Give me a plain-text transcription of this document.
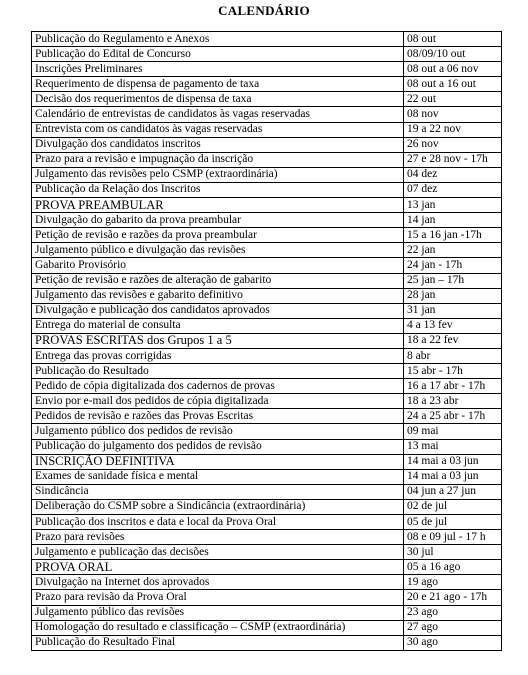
CALENDÁRIO
Publicação do Regulamento e Anexos	08 out
Publicação do Edital de Concurso	08/09/10 out
Inscrições Preliminares	08 out a 06 nov
Requerimento de dispensa de pagamento de taxa	08 out a 16 out
Decisão dos requerimentos de dispensa de taxa	22 out
Calendário de entrevistas de candidatos às vagas reservadas	08 nov
Entrevista com os candidatos às vagas reservadas	19 a 22 nov
Divulgação dos candidatos inscritos	26 nov
Prazo para a revisão e impugnação da inscrição	27 e 28 nov - 17h
Julgamento das revisões pelo CSMP (extraordinária)	04 dez
Publicação da Relação dos Inscritos	07 dez
PROVA PREAMBULAR	13 jan
Divulgação do gabarito da prova preambular	14 jan
Petição de revisão e razões da prova preambular	15 a 16 jan -17h
Julgamento público e divulgação das revisões	22 jan
Gabarito Provisório	24 jan - 17h
Petição de revisão e razões de alteração de gabarito	25 jan – 17h
Julgamento das revisões e gabarito definitivo	28 jan
Divulgação e publicação dos candidatos aprovados	31 jan
Entrega do material de consulta	4 a 13 fev
PROVAS ESCRITAS dos Grupos 1 a 5	18 a 22 fev
Entrega das provas corrigidas	8 abr
Publicação do Resultado	15 abr - 17h
Pedido de cópia digitalizada dos cadernos de provas	16 a 17 abr - 17h
Envio por e-mail dos pedidos de cópia digitalizada	18 a 23 abr
Pedidos de revisão e razões das Provas Escritas	24 a 25 abr - 17h
Julgamento público dos pedidos de revisão	09 mai
Publicação do julgamento dos pedidos de revisão	13 mai
INSCRIÇÃO DEFINITIVA	14 mai a 03 jun
Exames de sanidade física e mental	14 mai a 03 jun
Sindicância	04 jun a 27 jun
Deliberação do CSMP sobre a Sindicância (extraordinária)	02 de jul
Publicação dos inscritos e data e local da Prova Oral	05 de jul
Prazo para revisões	08 e 09 jul - 17 h
Julgamento e publicação das decisões	30 jul
PROVA ORAL	05 a 16 ago
Divulgação na Internet dos aprovados	19 ago
Prazo para revisão da Prova Oral	20 e 21 ago - 17h
Julgamento público das revisões	23 ago
Homologação do resultado e classificação – CSMP (extraordinária)	27 ago
Publicação do Resultado Final	30 ago
